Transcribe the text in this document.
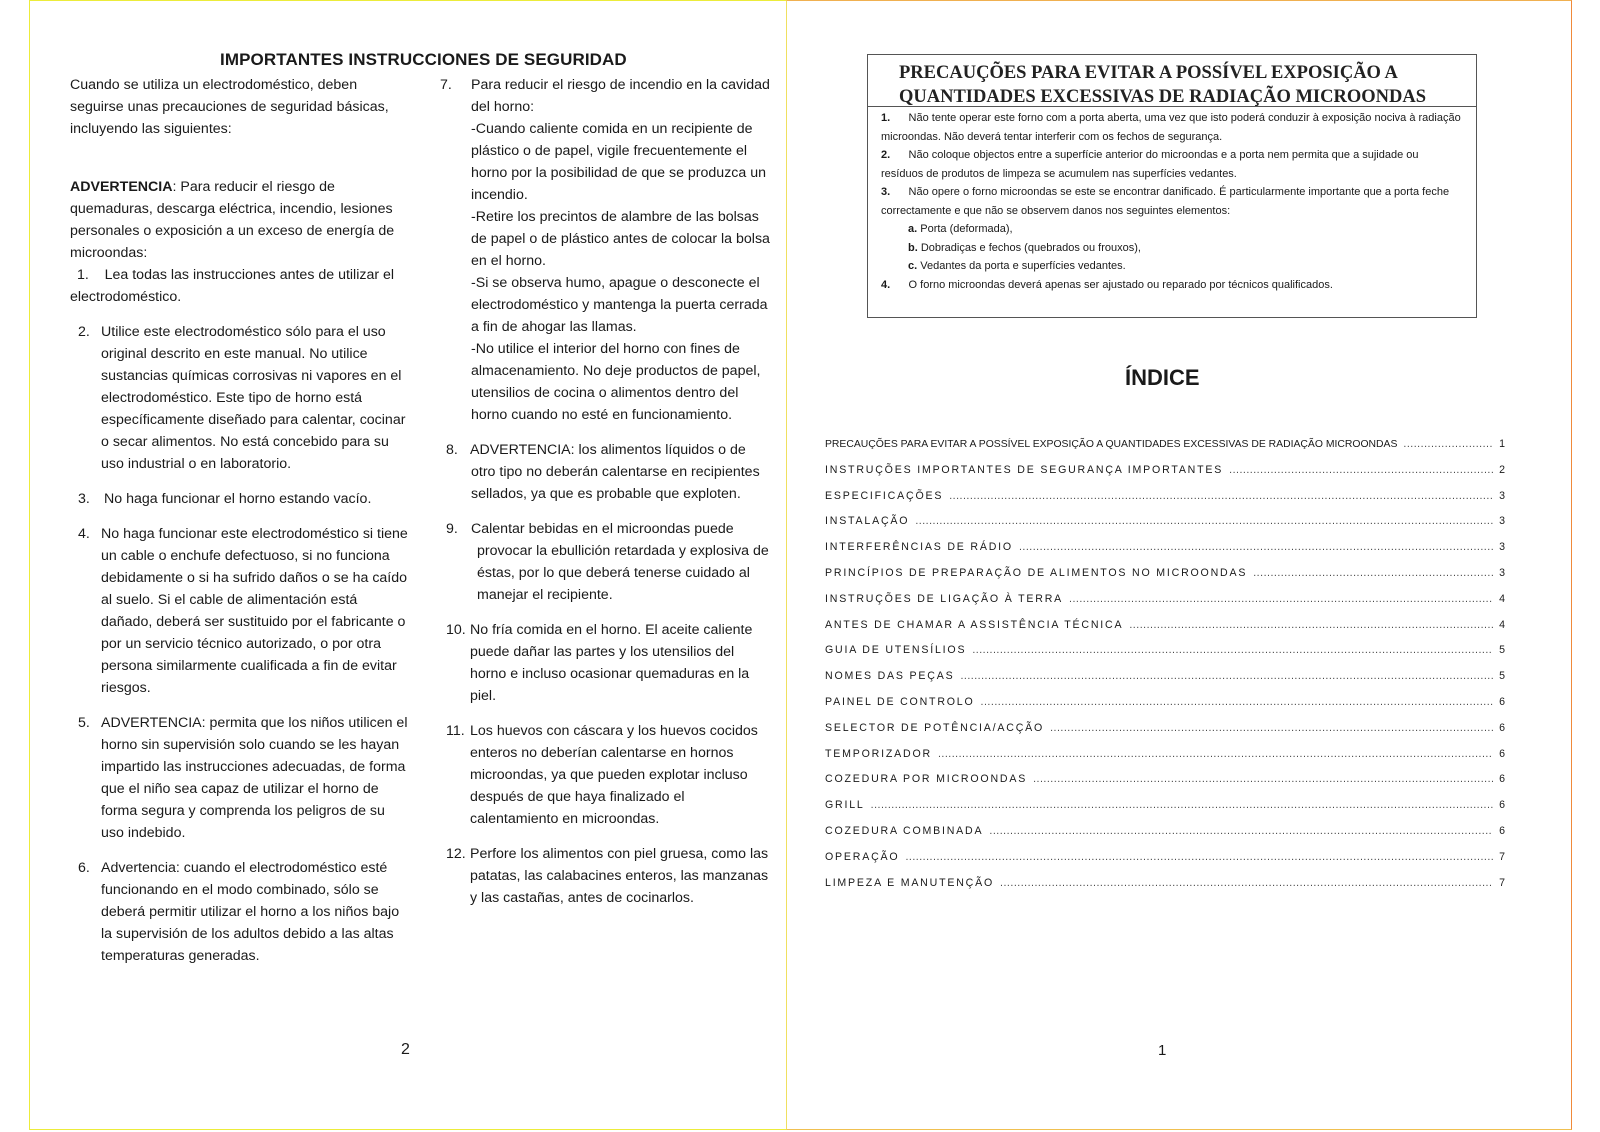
IMPORTANTES INSTRUCCIONES DE SEGURIDAD

Cuando se utiliza un electrodoméstico, deben seguirse unas precauciones de seguridad básicas, incluyendo las siguientes:

ADVERTENCIA: Para reducir el riesgo de quemaduras, descarga eléctrica, incendio, lesiones personales o exposición a un exceso de energía de microondas:

1. Lea todas las instrucciones antes de utilizar el electrodoméstico.

2. Utilice este electrodoméstico sólo para el uso original descrito en este manual. No utilice sustancias químicas corrosivas ni vapores en el electrodoméstico. Este tipo de horno está específicamente diseñado para calentar, cocinar o secar alimentos. No está concebido para su uso industrial o en laboratorio.
3. No haga funcionar el horno estando vacío.
4. No haga funcionar este electrodoméstico si tiene un cable o enchufe defectuoso, si no funciona debidamente o si ha sufrido daños o se ha caído al suelo. Si el cable de alimentación está dañado, deberá ser sustituido por el fabricante o por un servicio técnico autorizado, o por otra persona similarmente cualificada a fin de evitar riesgos.
5. ADVERTENCIA: permita que los niños utilicen el horno sin supervisión solo cuando se les hayan impartido las instrucciones adecuadas, de forma que el niño sea capaz de utilizar el horno de forma segura y comprenda los peligros de su uso indebido.
6. Advertencia: cuando el electrodoméstico esté funcionando en el modo combinado, sólo se deberá permitir utilizar el horno a los niños bajo la supervisión de los adultos debido a las altas temperaturas generadas.
7.	Para reducir el riesgo de incendio en la cavidad del horno:

-Cuando caliente comida en un recipiente de plástico o de papel, vigile frecuentemente el horno por la posibilidad de que se produzca un incendio.

-Retire los precintos de alambre de las bolsas de papel o de plástico antes de colocar la bolsa en el horno.

-Si se observa humo, apague o desconecte el electrodoméstico y mantenga la puerta cerrada a fin de ahogar las llamas.

-No utilice el interior del horno con fines de almacenamiento. No deje productos de papel, utensilios de cocina o alimentos dentro del horno cuando no esté en funcionamiento.

8. ADVERTENCIA: los alimentos líquidos o de otro tipo no deberán calentarse en recipientes sellados, ya que es probable que exploten.
9. Calentar bebidas en el microondas puede provocar la ebullición retardada y explosiva de éstas, por lo que deberá tenerse cuidado al manejar el recipiente.
10. No fría comida en el horno. El aceite caliente puede dañar las partes y los utensilios del horno e incluso ocasionar quemaduras en la piel.
11. Los huevos con cáscara y los huevos cocidos enteros no deberían calentarse en hornos microondas, ya que pueden explotar incluso después de que haya finalizado el calentamiento en microondas.
12. Perfore los alimentos con piel gruesa, como las patatas, las calabacines enteros, las manzanas y las castañas, antes de cocinarlos.
2
PRECAUÇÕES PARA EVITAR A POSSÍVEL EXPOSIÇÃO A
QUANTIDADES EXCESSIVAS DE RADIAÇÃO MICROONDAS
1. Não tente operar este forno com a porta aberta, uma vez que isto poderá conduzir à exposição nociva à radiação microondas. Não deverá tentar interferir com os fechos de segurança.
2. Não coloque objectos entre a superfície anterior do microondas e a porta nem permita que a sujidade ou resíduos de produtos de limpeza se acumulem nas superfícies vedantes.
3. Não opere o forno microondas se este se encontrar danificado. É particularmente importante que a porta feche correctamente e que não se observem danos nos seguintes elementos:
a. Porta (deformada),
b. Dobradiças e fechos (quebrados ou frouxos),
c. Vedantes da porta e superfícies vedantes.
4. O forno microondas deverá apenas ser ajustado ou reparado por técnicos qualificados.
ÍNDICE
PRECAUÇÕES PARA EVITAR A POSSÍVEL EXPOSIÇÃO A QUANTIDADES EXCESSIVAS DE RADIAÇÃO MICROONDAS .....	1
INSTRUÇÕES IMPORTANTES DE SEGURANÇA IMPORTANTES .....	2
ESPECIFICAÇÕES .....	3
INSTALAÇÃO .....	3
INTERFERÊNCIAS DE RÁDIO .....	3
PRINCÍPIOS DE PREPARAÇÃO DE ALIMENTOS NO MICROONDAS .....	3
INSTRUÇÕES DE LIGAÇÃO À TERRA .....	4
ANTES DE CHAMAR A ASSISTÊNCIA TÉCNICA .....	4
GUIA DE UTENSÍLIOS .....	5
NOMES DAS PEÇAS .....	5
PAINEL DE CONTROLO .....	6
SELECTOR DE POTÊNCIA/ACÇÃO .....	6
TEMPORIZADOR .....	6
COZEDURA POR MICROONDAS .....	6
GRILL .....	6
COZEDURA COMBINADA .....	6
OPERAÇÃO .....	7
LIMPEZA E MANUTENÇÃO .....	7
1
